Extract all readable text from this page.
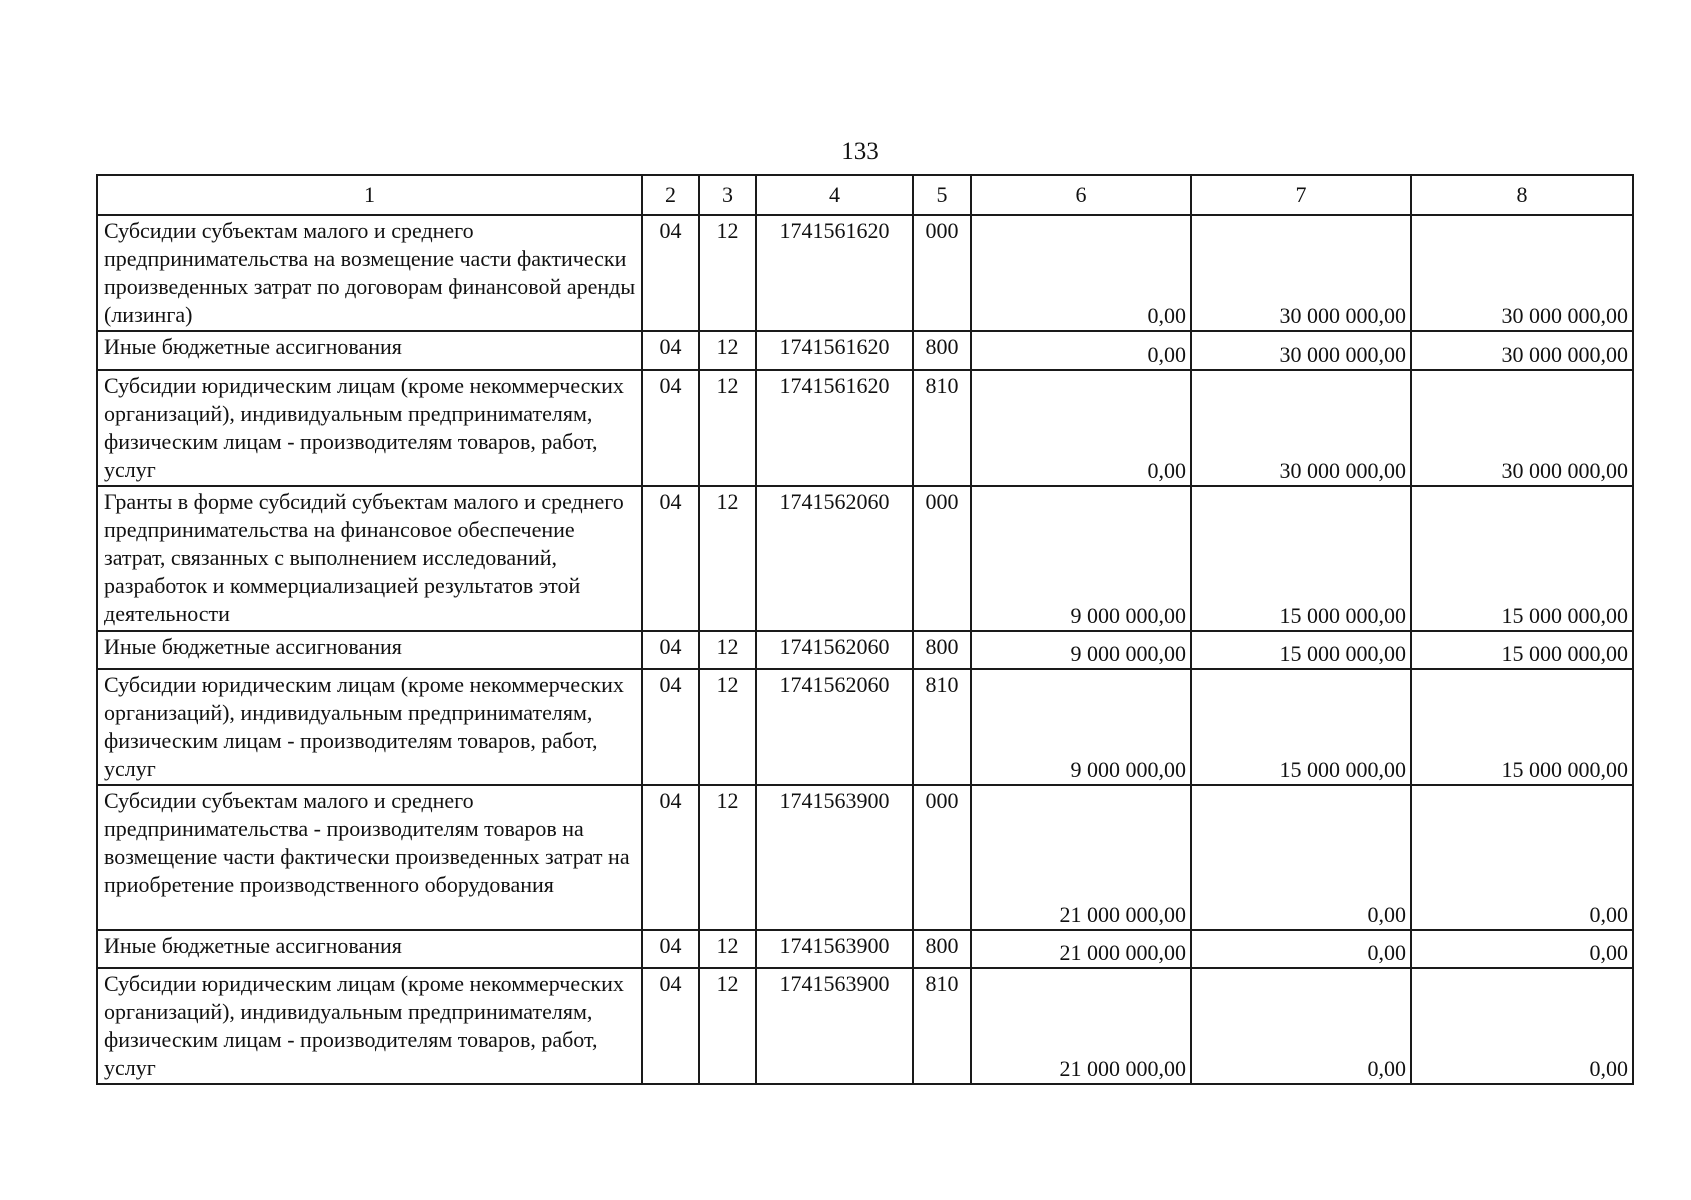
133
1	2	3	4	5	6	7	8
Субсидии субъектам малого и среднего предпринимательства на возмещение части фактически произведенных затрат по договорам финансовой аренды (лизинга)	04	12	1741561620	000	0,00	30 000 000,00	30 000 000,00
Иные бюджетные ассигнования	04	12	1741561620	800	0,00	30 000 000,00	30 000 000,00
Субсидии юридическим лицам (кроме некоммерческих организаций), индивидуальным предпринимателям, физическим лицам - производителям товаров, работ, услуг	04	12	1741561620	810	0,00	30 000 000,00	30 000 000,00
Гранты в форме субсидий субъектам малого и среднего предпринимательства на финансовое обеспечение затрат, связанных с выполнением исследований, разработок и коммерциализацией результатов этой деятельности	04	12	1741562060	000	9 000 000,00	15 000 000,00	15 000 000,00
Иные бюджетные ассигнования	04	12	1741562060	800	9 000 000,00	15 000 000,00	15 000 000,00
Субсидии юридическим лицам (кроме некоммерческих организаций), индивидуальным предпринимателям, физическим лицам - производителям товаров, работ, услуг	04	12	1741562060	810	9 000 000,00	15 000 000,00	15 000 000,00
Субсидии субъектам малого и среднего предпринимательства - производителям товаров на возмещение части фактически произведенных затрат на приобретение производственного оборудования	04	12	1741563900	000	21 000 000,00	0,00	0,00
Иные бюджетные ассигнования	04	12	1741563900	800	21 000 000,00	0,00	0,00
Субсидии юридическим лицам (кроме некоммерческих организаций), индивидуальным предпринимателям, физическим лицам - производителям товаров, работ, услуг	04	12	1741563900	810	21 000 000,00	0,00	0,00
